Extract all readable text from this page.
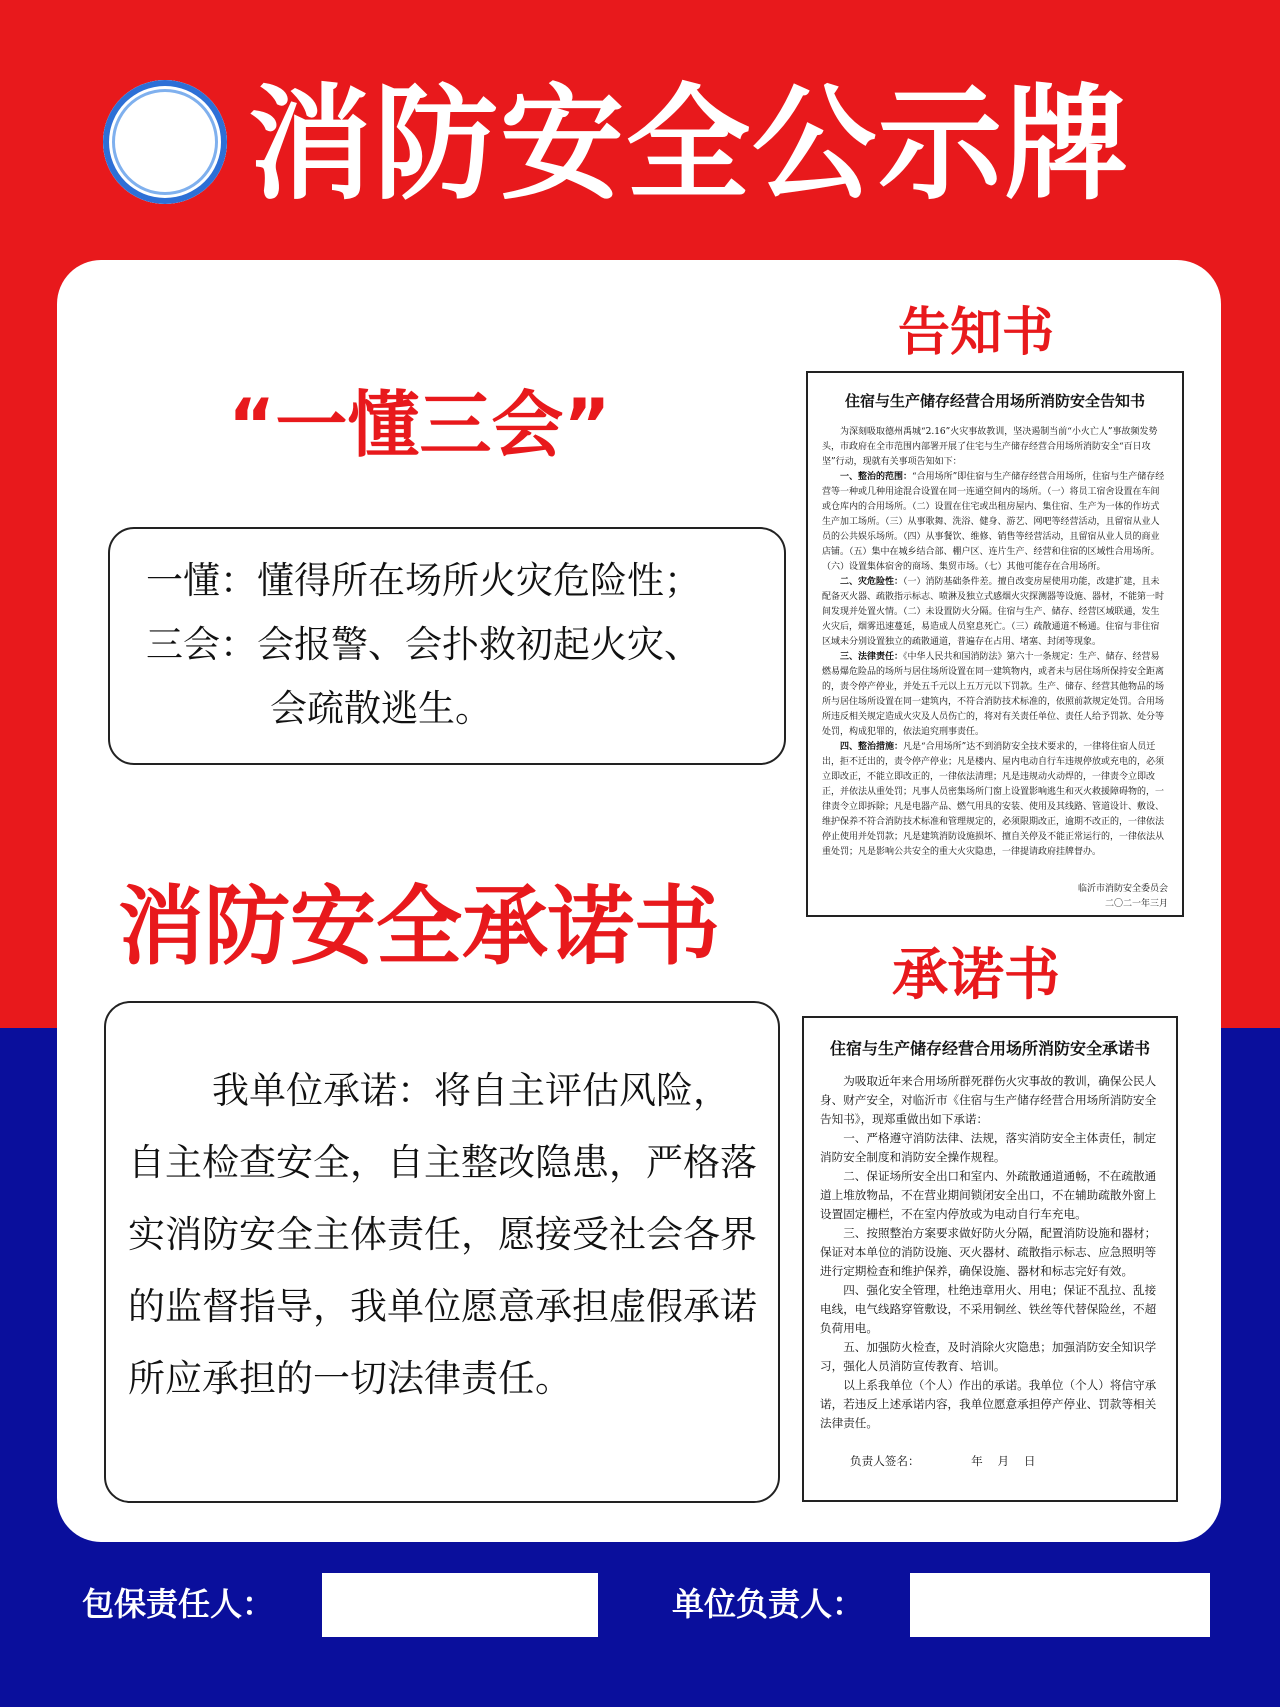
消防安全公示牌
“一懂三会”
一懂：懂得所在场所火灾危险性；
三会：会报警、会扑救初起火灾、
会疏散逃生。
消防安全承诺书

我单位承诺：将自主评估风险，自主检查安全，自主整改隐患，严格落实消防安全主体责任，愿接受社会各界的监督指导，我单位愿意承担虚假承诺所应承担的一切法律责任。

告知书
住宿与生产储存经营合用场所消防安全告知书

为深刻吸取德州禹城“2.16”火灾事故教训，坚决遏制当前“小火亡人”事故频发势头，市政府在全市范围内部署开展了住宅与生产储存经营合用场所消防安全“百日攻坚”行动，现就有关事项告知如下：

一、整治的范围：“合用场所”即住宿与生产储存经营合用场所，住宿与生产储存经营等一种或几种用途混合设置在同一连通空间内的场所。（一）将员工宿舍设置在车间或仓库内的合用场所。（二）设置在住宅或出租房屋内、集住宿、生产为一体的作坊式生产加工场所。（三）从事歌舞、洗浴、健身、游艺、网吧等经营活动，且留宿从业人员的公共娱乐场所。（四）从事餐饮、维修、销售等经营活动，且留宿从业人员的商业店铺。（五）集中在城乡结合部、棚户区、连片生产、经营和住宿的区域性合用场所。（六）设置集体宿舍的商场、集贸市场。（七）其他可能存在合用场所。

二、灾危险性：（一）消防基础条件差。擅自改变房屋使用功能，改建扩建，且未配备灭火器、疏散指示标志、喷淋及独立式感烟火灾探测器等设施、器材，不能第一时间发现并处置火情。（二）未设置防火分隔。住宿与生产、储存、经营区域联通，发生火灾后，烟雾迅速蔓延，易造成人员窒息死亡。（三）疏散通道不畅通。住宿与非住宿区域未分别设置独立的疏散通道，普遍存在占用、堵塞、封闭等现象。

三、法律责任：《中华人民共和国消防法》第六十一条规定：生产、储存、经营易燃易爆危险品的场所与居住场所设置在同一建筑物内，或者未与居住场所保持安全距离的，责令停产停业，并处五千元以上五万元以下罚款。生产、储存、经营其他物品的场所与居住场所设置在同一建筑内，不符合消防技术标准的，依照前款规定处罚。合用场所违反相关规定造成火灾及人员伤亡的，将对有关责任单位、责任人给予罚款、处分等处罚，构成犯罪的，依法追究刑事责任。

四、整治措施：凡是“合用场所”达不到消防安全技术要求的，一律将住宿人员迁出，拒不迁出的，责令停产停业；凡是楼内、屋内电动自行车违规停放或充电的，必须立即改正，不能立即改正的，一律依法清理；凡是违规动火动焊的，一律责令立即改正，并依法从重处罚；凡事人员密集场所门窗上设置影响逃生和灭火救援障碍物的，一律责令立即拆除；凡是电器产品、燃气用具的安装、使用及其线路、管道设计、敷设、维护保养不符合消防技术标准和管理规定的，必须限期改正，逾期不改正的，一律依法停止使用并处罚款；凡是建筑消防设施损坏、擅自关停及不能正常运行的，一律依法从重处罚；凡是影响公共安全的重大火灾隐患，一律提请政府挂牌督办。

临沂市消防安全委员会
二〇二一年三月
承诺书
住宿与生产储存经营合用场所消防安全承诺书

为吸取近年来合用场所群死群伤火灾事故的教训，确保公民人身、财产安全，对临沂市《住宿与生产储存经营合用场所消防安全告知书》，现郑重做出如下承诺：

一、严格遵守消防法律、法规，落实消防安全主体责任，制定消防安全制度和消防安全操作规程。

二、保证场所安全出口和室内、外疏散通道通畅，不在疏散通道上堆放物品，不在营业期间锁闭安全出口，不在辅助疏散外窗上设置固定栅栏，不在室内停放或为电动自行车充电。

三、按照整治方案要求做好防火分隔，配置消防设施和器材；保证对本单位的消防设施、灭火器材、疏散指示标志、应急照明等进行定期检查和维护保养，确保设施、器材和标志完好有效。

四、强化安全管理，杜绝违章用火、用电；保证不乱拉、乱接电线，电气线路穿管敷设，不采用铜丝、铁丝等代替保险丝，不超负荷用电。

五、加强防火检查，及时消除火灾隐患；加强消防安全知识学习，强化人员消防宣传教育、培训。

以上系我单位（个人）作出的承诺。我单位（个人）将信守承诺，若违反上述承诺内容，我单位愿意承担停产停业、罚款等相关法律责任。

负责人签名：              年    月    日
包保责任人：	单位负责人：
